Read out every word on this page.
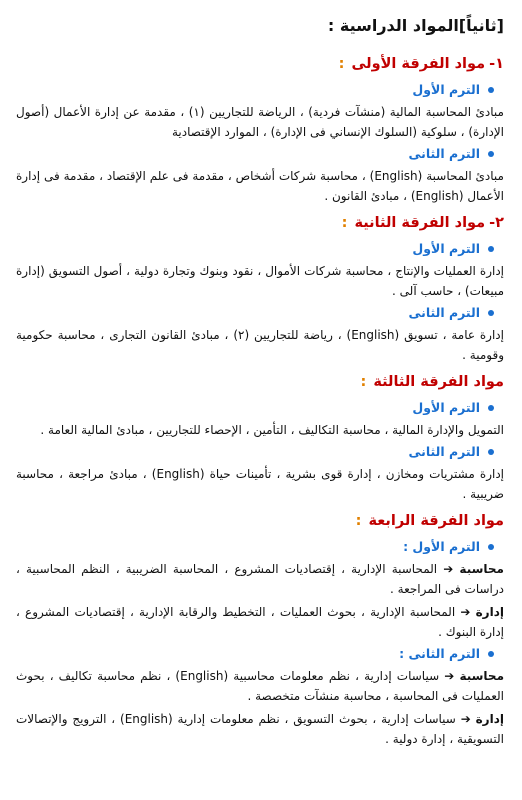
[ثانياً]المواد الدراسية :
١-مواد الفرقة الأولى :
الترم الأول
مبادئ المحاسبة المالية (منشآت فردية) ، الرياضة للتجاريين (١) ، مقدمة عن إدارة الأعمال (أصول الإدارة) ، سلوكية (السلوك الإنساني فى الإدارة) ، الموارد الإقتصادية
الترم الثانى
مبادئ المحاسبة (English) ، محاسبة شركات أشخاص ، مقدمة فى علم الإقتصاد ، مقدمة فى إدارة الأعمال (English) ، مبادئ القانون .
٢-مواد الفرقة الثانية :
الترم الأول
إدارة العمليات والإنتاج ، محاسبة شركات الأموال ، نقود وبنوك وتجارة دولية ، أصول التسويق (إدارة مبيعات) ، حاسب آلى .
الترم الثانى
إدارة عامة ، تسويق (English) ، رياضة للتجاريين (٢) ، مبادئ القانون التجارى ، محاسبة حكومية وقومية .
مواد الفرقة الثالثة :
الترم الأول
التمويل والإدارة المالية ، محاسبة التكاليف ، التأمين ، الإحصاء للتجاريين ، مبادئ المالية العامة .
الترم الثانى
إدارة مشتريات ومخازن ، إدارة قوى بشرية ، تأمينات حياة (English) ، مبادئ مراجعة ، محاسبة ضريبية .
مواد الفرقة الرابعة :
الترم الأول :
محاسبة ➔ المحاسبة الإدارية ، إقتصاديات المشروع ، المحاسبة الضريبية ، النظم المحاسبية ، دراسات فى المراجعة .
إدارة ➔ المحاسبة الإدارية ، بحوث العمليات ، التخطيط والرقابة الإدارية ، إقتصاديات المشروع ، إدارة البنوك .
الترم الثانى :
محاسبة ➔ سياسات إدارية ، نظم معلومات محاسبية (English) ، نظم محاسبة تكاليف ، بحوث العمليات فى المحاسبة ، محاسبة منشآت متخصصة .
إدارة ➔ سياسات إدارية ، بحوث التسويق ، نظم معلومات إدارية (English) ، الترويج والإتصالات التسويقية ، إدارة دولية .
